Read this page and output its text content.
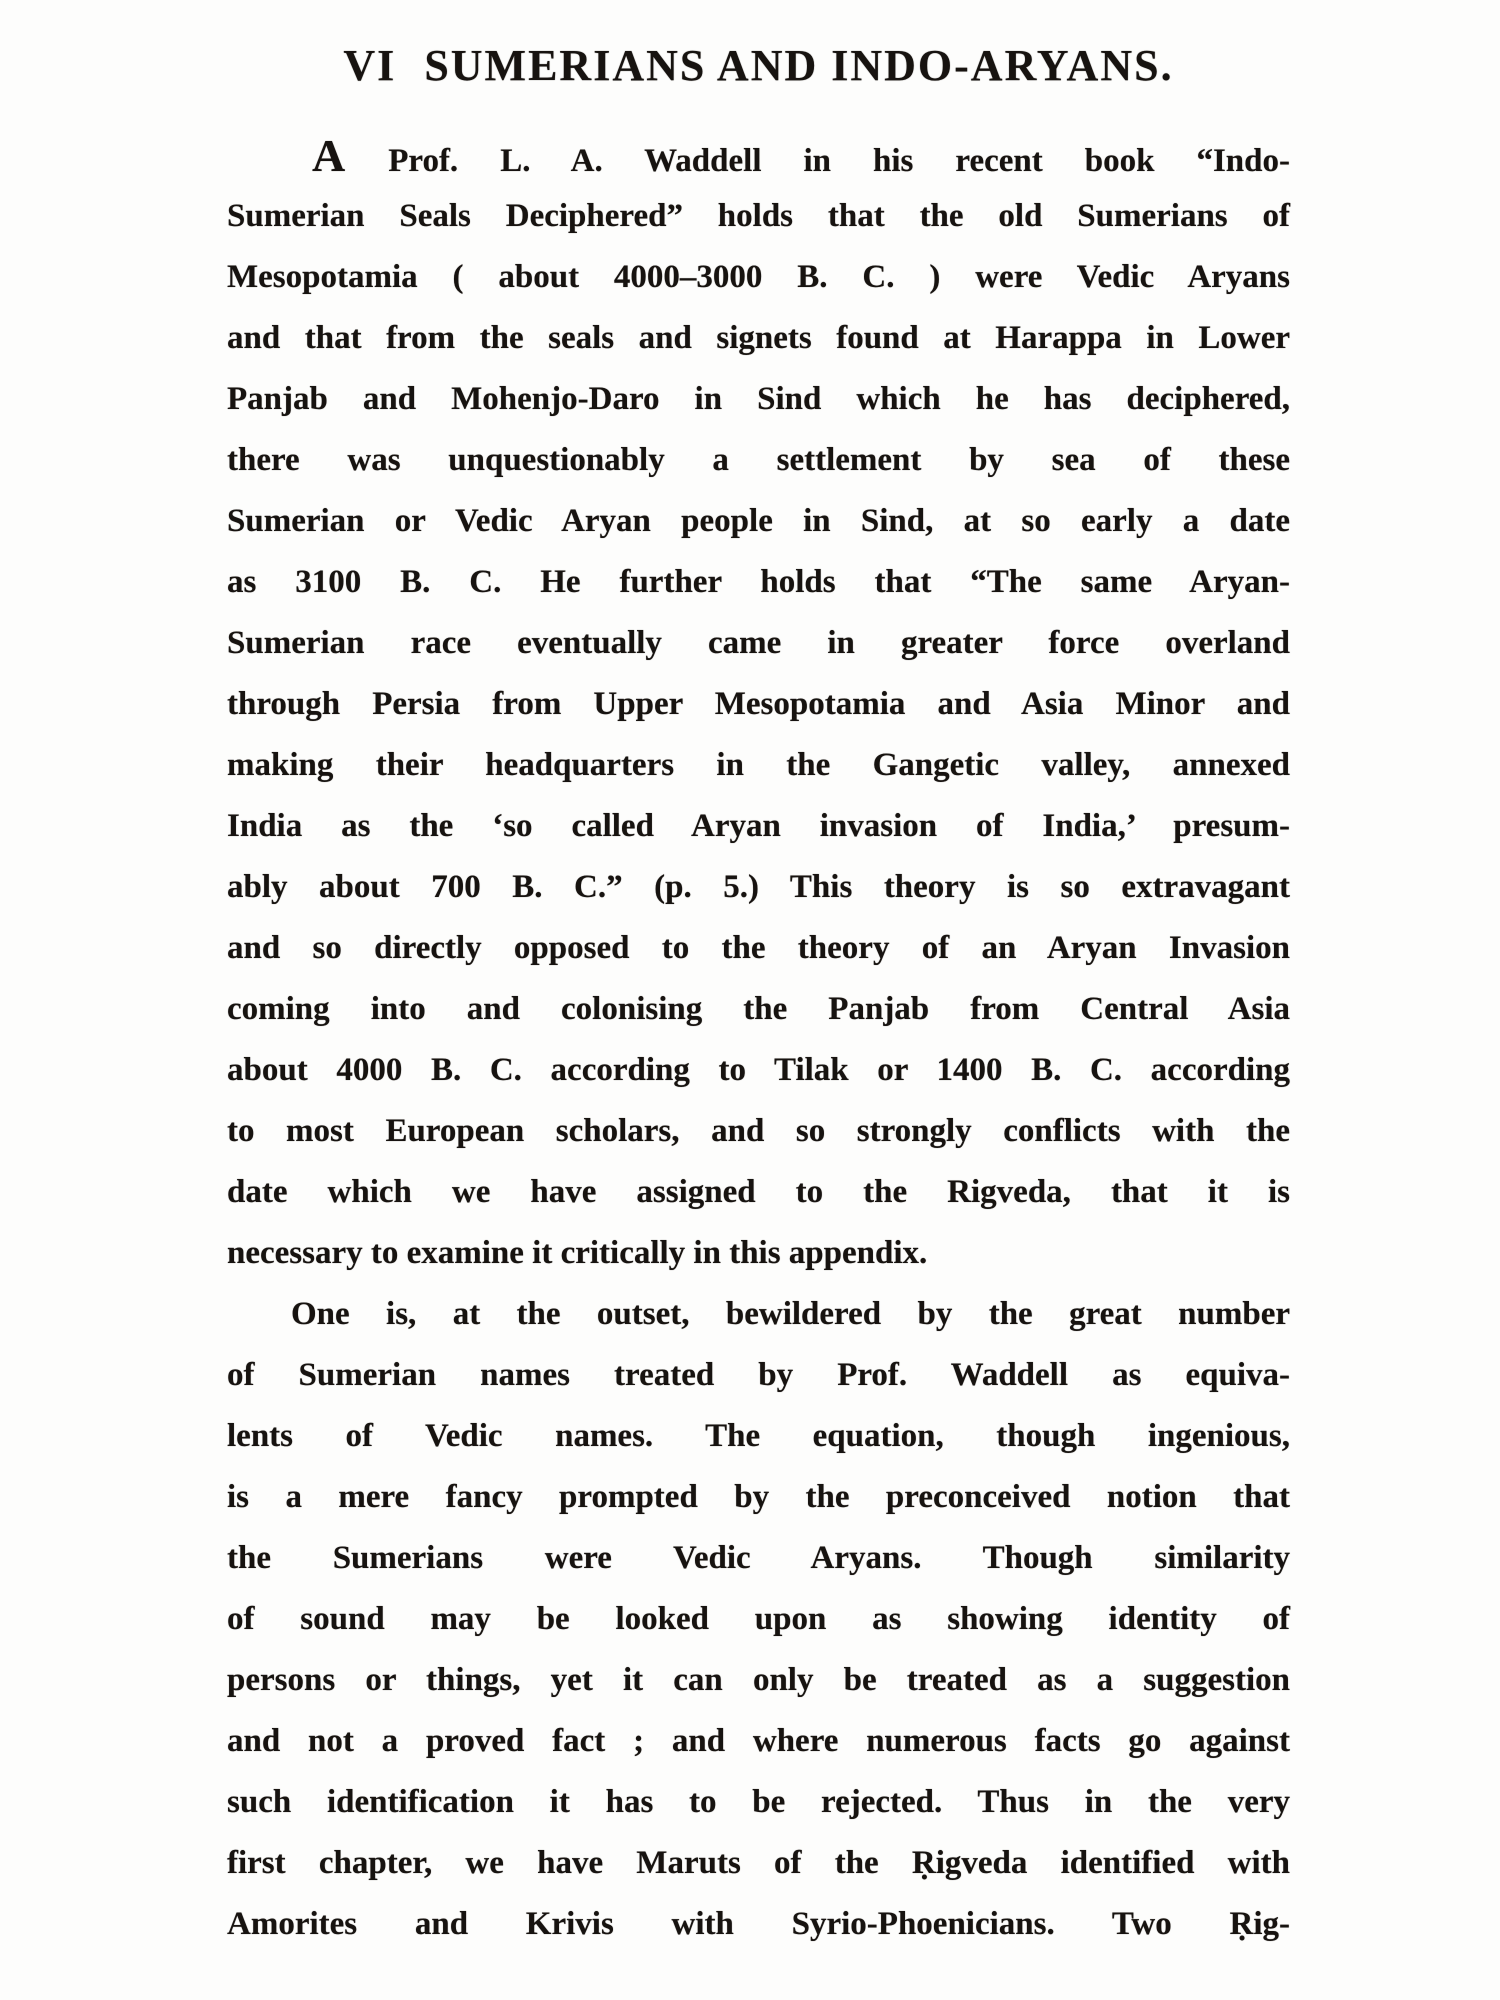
VI SUMERIANS AND INDO-ARYANS.
A Prof. L. A. Waddell in his recent book “Indo-
Sumerian Seals Deciphered” holds that the old Sumerians of
Mesopotamia ( about 4000–3000 B. C. ) were Vedic Aryans
and that from the seals and signets found at Harappa in Lower
Panjab and Mohenjo-Daro in Sind which he has deciphered,
there was unquestionably a settlement by sea of these
Sumerian or Vedic Aryan people in Sind, at so early a date
as 3100 B. C. He further holds that “The same Aryan-
Sumerian race eventually came in greater force overland
through Persia from Upper Mesopotamia and Asia Minor and
making their headquarters in the Gangetic valley, annexed
India as the ‘so called Aryan invasion of India,’ presum-
ably about 700 B. C.” (p. 5.) This theory is so extravagant
and so directly opposed to the theory of an Aryan Invasion
coming into and colonising the Panjab from Central Asia
about 4000 B. C. according to Tilak or 1400 B. C. according
to most European scholars, and so strongly conflicts with the
date which we have assigned to the Rigveda, that it is
necessary to examine it critically in this appendix.
One is, at the outset, bewildered by the great number
of Sumerian names treated by Prof. Waddell as equiva-
lents of Vedic names. The equation, though ingenious,
is a mere fancy prompted by the preconceived notion that
the Sumerians were Vedic Aryans. Though similarity
of sound may be looked upon as showing identity of
persons or things, yet it can only be treated as a suggestion
and not a proved fact ; and where numerous facts go against
such identification it has to be rejected. Thus in the very
first chapter, we have Maruts of the Ṛigveda identified with
Amorites and Krivis with Syrio-Phoenicians. Two Ṛig-
